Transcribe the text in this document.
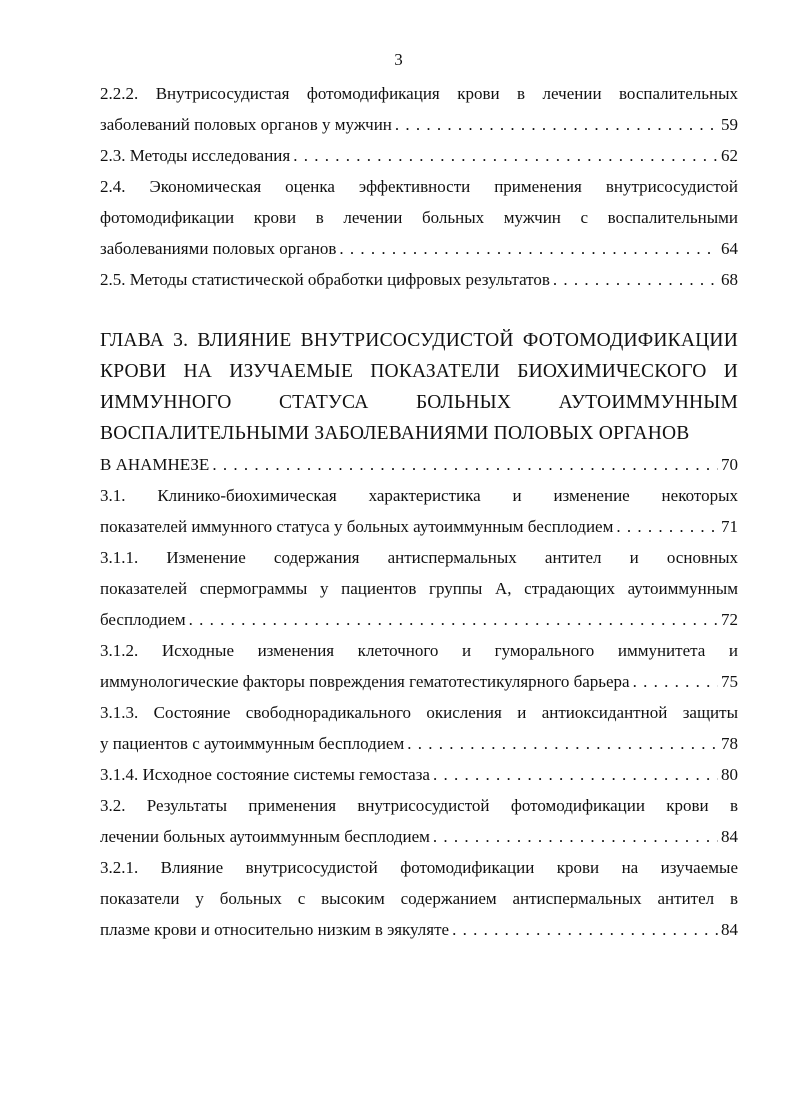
3
2.2.2. Внутрисосудистая фотомодификация крови в лечении воспалительных
заболеваний половых органов у мужчин . . .	59
2.3. Методы исследования . . .	62
2.4. Экономическая оценка эффективности применения внутрисосудистой
фотомодификации крови в лечении больных мужчин с воспалительными
заболеваниями половых органов . . .	64
2.5. Методы статистической обработки цифровых результатов . . .	68
ГЛАВА 3. ВЛИЯНИЕ ВНУТРИСОСУДИСТОЙ ФОТОМОДИФИКАЦИИ
КРОВИ НА ИЗУЧАЕМЫЕ ПОКАЗАТЕЛИ БИОХИМИЧЕСКОГО И
ИММУННОГО СТАТУСА БОЛЬНЫХ АУТОИММУННЫМ
ВОСПАЛИТЕЛЬНЫМИ ЗАБОЛЕВАНИЯМИ ПОЛОВЫХ ОРГАНОВ
В АНАМНЕЗЕ . . .	70
3.1. Клинико-биохимическая характеристика и изменение некоторых
показателей иммунного статуса у больных аутоиммунным бесплодием . . .	71
3.1.1. Изменение содержания антиспермальных антител и основных
показателей спермограммы у пациентов группы А, страдающих аутоиммунным
бесплодием . . .	72
3.1.2. Исходные изменения клеточного и гуморального иммунитета и
иммунологические факторы повреждения гематотестикулярного барьера . . .	75
3.1.3. Состояние свободнорадикального окисления и антиоксидантной защиты
у пациентов с аутоиммунным бесплодием . . .	78
3.1.4. Исходное состояние системы гемостаза . . .	80
3.2. Результаты применения внутрисосудистой фотомодификации крови в
лечении больных аутоиммунным бесплодием . . .	84
3.2.1. Влияние внутрисосудистой фотомодификации крови на изучаемые
показатели у больных с высоким содержанием антиспермальных антител в
плазме крови и относительно низким в эякуляте . . .	84
